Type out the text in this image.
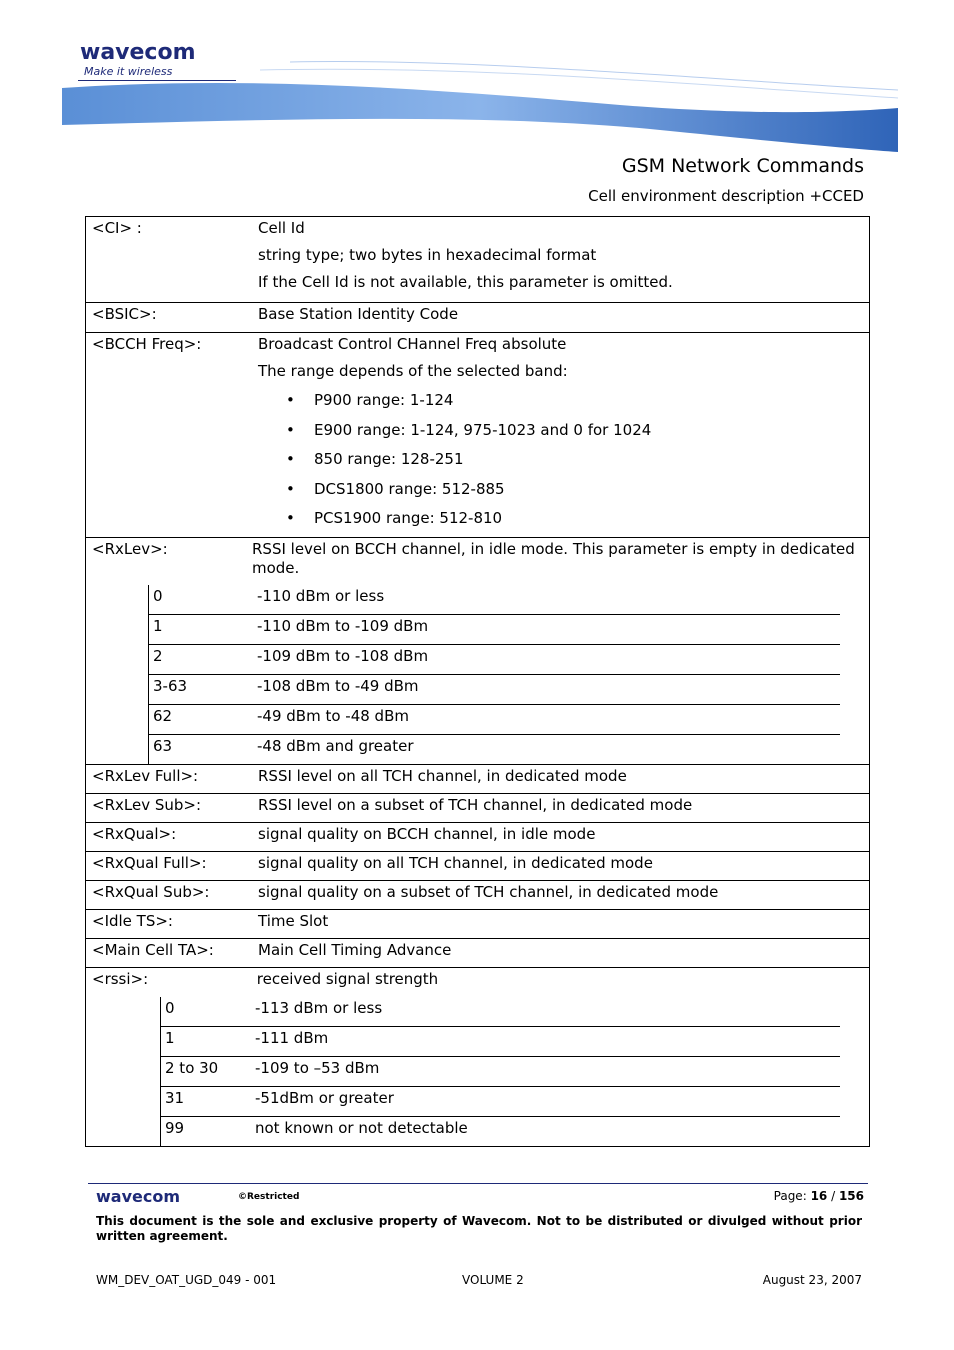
wavecom
Make it wireless
GSM Network Commands
Cell environment description +CCED
<CI> :	Cell Id

string type; two bytes in hexadecimal format

If the Cell Id is not available, this parameter is omitted.

<BSIC>:	Base Station Identity Code

<BCCH Freq>:	Broadcast Control CHannel Freq absolute

The range depends of the selected band:

• P900 range: 1-124
• E900 range: 1-124, 975-1023 and 0 for 1024
• 850 range: 128-251
• DCS1800 range: 512-885
• PCS1900 range: 512-810

<RxLev>:	RSSI level on BCCH channel, in idle mode. This parameter is empty in dedicated mode.
0	-110 dBm or less
1	-110 dBm to -109 dBm
2	-109 dBm to -108 dBm
3-63	-108 dBm to -49 dBm
62	-49 dBm to -48 dBm
63	-48 dBm and greater

<RxLev Full>:	RSSI level on all TCH channel, in dedicated mode
<RxLev Sub>:	RSSI level on a subset of TCH channel, in dedicated mode
<RxQual>:	signal quality on BCCH channel, in idle mode
<RxQual Full>:	signal quality on all TCH channel, in dedicated mode
<RxQual Sub>:	signal quality on a subset of TCH channel, in dedicated mode
<Idle TS>:	Time Slot
<Main Cell TA>:	Main Cell Timing Advance

<rssi>:	received signal strength
0	-113 dBm or less
1	-111 dBm
2 to 30	-109 to –53 dBm
31	-51dBm or greater
99	not known or not detectable
wavecom	©Restricted	Page: 16 / 156
This document is the sole and exclusive property of Wavecom. Not to be distributed or divulged without prior written agreement.
WM_DEV_OAT_UGD_049 - 001	VOLUME 2	August 23, 2007
